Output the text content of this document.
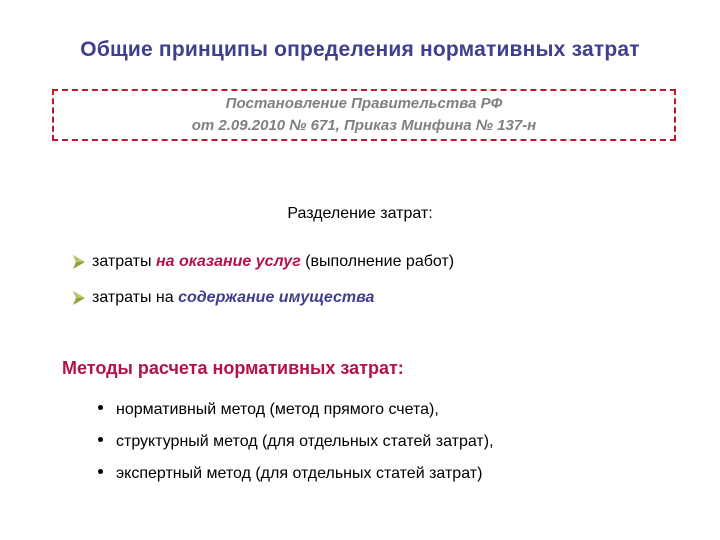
Общие принципы определения нормативных затрат
Постановление Правительства РФ
от 2.09.2010 № 671, Приказ Минфина № 137-н
Разделение затрат:
затраты на оказание услуг (выполнение работ)
затраты на содержание имущества
Методы расчета нормативных затрат:
нормативный метод (метод прямого счета),
структурный метод (для отдельных статей затрат),
экспертный метод (для отдельных статей затрат)
